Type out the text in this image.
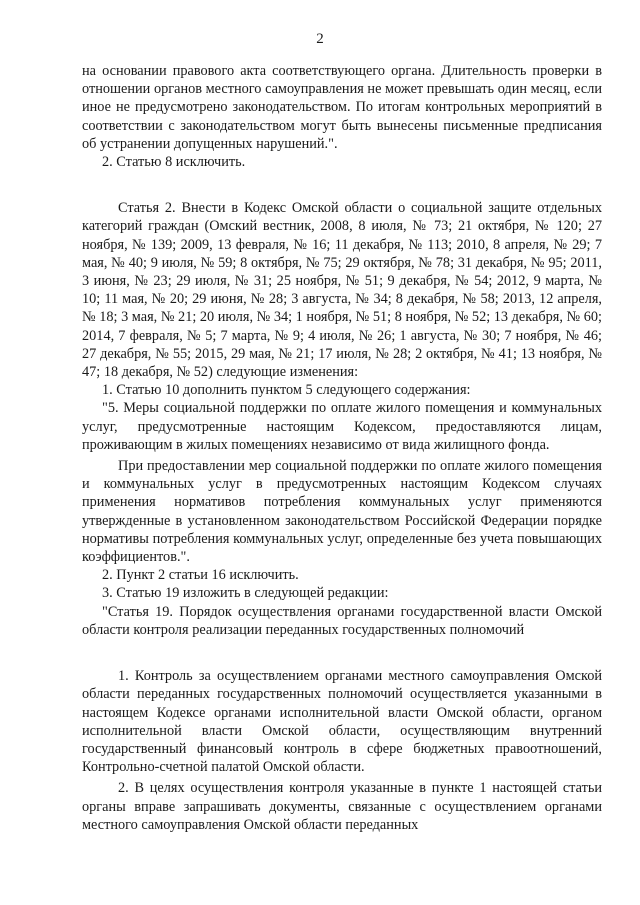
2

на основании правового акта соответствующего органа. Длительность проверки в отношении органов местного самоуправления не может превышать один месяц, если иное не предусмотрено законодательством. По итогам контрольных мероприятий в соответствии с законодательством могут быть вынесены письменные предписания об устранении допущенных нарушений.".

2. Статью 8 исключить.

Статья 2. Внести в Кодекс Омской области о социальной защите отдельных категорий граждан (Омский вестник, 2008, 8 июля, № 73; 21 октября, № 120; 27 ноября, № 139; 2009, 13 февраля, № 16; 11 декабря, № 113; 2010, 8 апреля, № 29; 7 мая, № 40; 9 июля, № 59; 8 октября, № 75; 29 октября, № 78; 31 декабря, № 95; 2011, 3 июня, № 23; 29 июля, № 31; 25 ноября, № 51; 9 декабря, № 54; 2012, 9 марта, № 10; 11 мая, № 20; 29 июня, № 28; 3 августа, № 34; 8 декабря, № 58; 2013, 12 апреля, № 18; 3 мая, № 21; 20 июля, № 34; 1 ноября, № 51; 8 ноября, № 52; 13 декабря, № 60; 2014, 7 февраля, № 5; 7 марта, № 9; 4 июля, № 26; 1 августа, № 30; 7 ноября, № 46; 27 декабря, № 55; 2015, 29 мая, № 21; 17 июля, № 28; 2 октября, № 41; 13 ноября, № 47; 18 декабря, № 52) следующие изменения:

1. Статью 10 дополнить пунктом 5 следующего содержания:

"5. Меры социальной поддержки по оплате жилого помещения и коммунальных услуг, предусмотренные настоящим Кодексом, предоставляются лицам, проживающим в жилых помещениях независимо от вида жилищного фонда.

При предоставлении мер социальной поддержки по оплате жилого помещения и коммунальных услуг в предусмотренных настоящим Кодексом случаях применения нормативов потребления коммунальных услуг применяются утвержденные в установленном законодательством Российской Федерации порядке нормативы потребления коммунальных услуг, определенные без учета повышающих коэффициентов.".

2. Пункт 2 статьи 16 исключить.

3. Статью 19 изложить в следующей редакции:

"Статья 19. Порядок осуществления органами государственной власти Омской области контроля реализации переданных государственных полномочий

1. Контроль за осуществлением органами местного самоуправления Омской области переданных государственных полномочий осуществляется указанными в настоящем Кодексе органами исполнительной власти Омской области, органом исполнительной власти Омской области, осуществляющим внутренний государственный финансовый контроль в сфере бюджетных правоотношений, Контрольно-счетной палатой Омской области.

2. В целях осуществления контроля указанные в пункте 1 настоящей статьи органы вправе запрашивать документы, связанные с осуществлением органами местного самоуправления Омской области переданных
